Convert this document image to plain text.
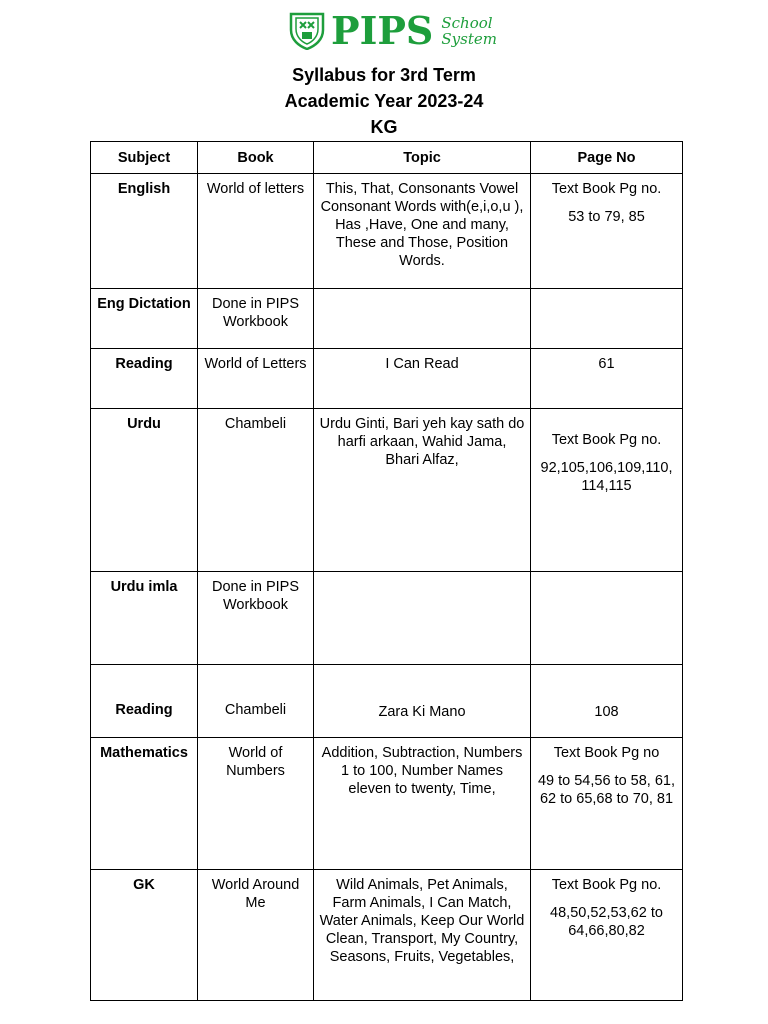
PIPS School
System
Syllabus for 3rd Term
Academic Year 2023-24
KG
Subject	Book	Topic	Page No
English	World of letters	This, That, Consonants Vowel Consonant Words with(e,i,o,u ), Has ,Have, One and many, These and Those, Position Words.	Text Book Pg no.
53 to 79, 85

Eng Dictation	Done in PIPS Workbook		
Reading	World of Letters	I Can Read	61
Urdu	Chambeli	Urdu Ginti, Bari yeh kay sath do harfi arkaan, Wahid Jama, Bhari Alfaz,	Text Book Pg no.
92,105,106,109,110, 114,115

Urdu imla	Done in PIPS Workbook		
Reading	Chambeli	Zara Ki Mano	108
Mathematics	World of Numbers	Addition, Subtraction, Numbers 1 to 100, Number Names eleven to twenty, Time,	Text Book Pg no
49 to 54,56 to 58, 61, 62 to 65,68 to 70, 81

GK	World Around Me	Wild Animals, Pet Animals, Farm Animals, I Can Match, Water Animals, Keep Our World Clean, Transport, My Country, Seasons, Fruits, Vegetables,	Text Book Pg no.
48,50,52,53,62 to 64,66,80,82
